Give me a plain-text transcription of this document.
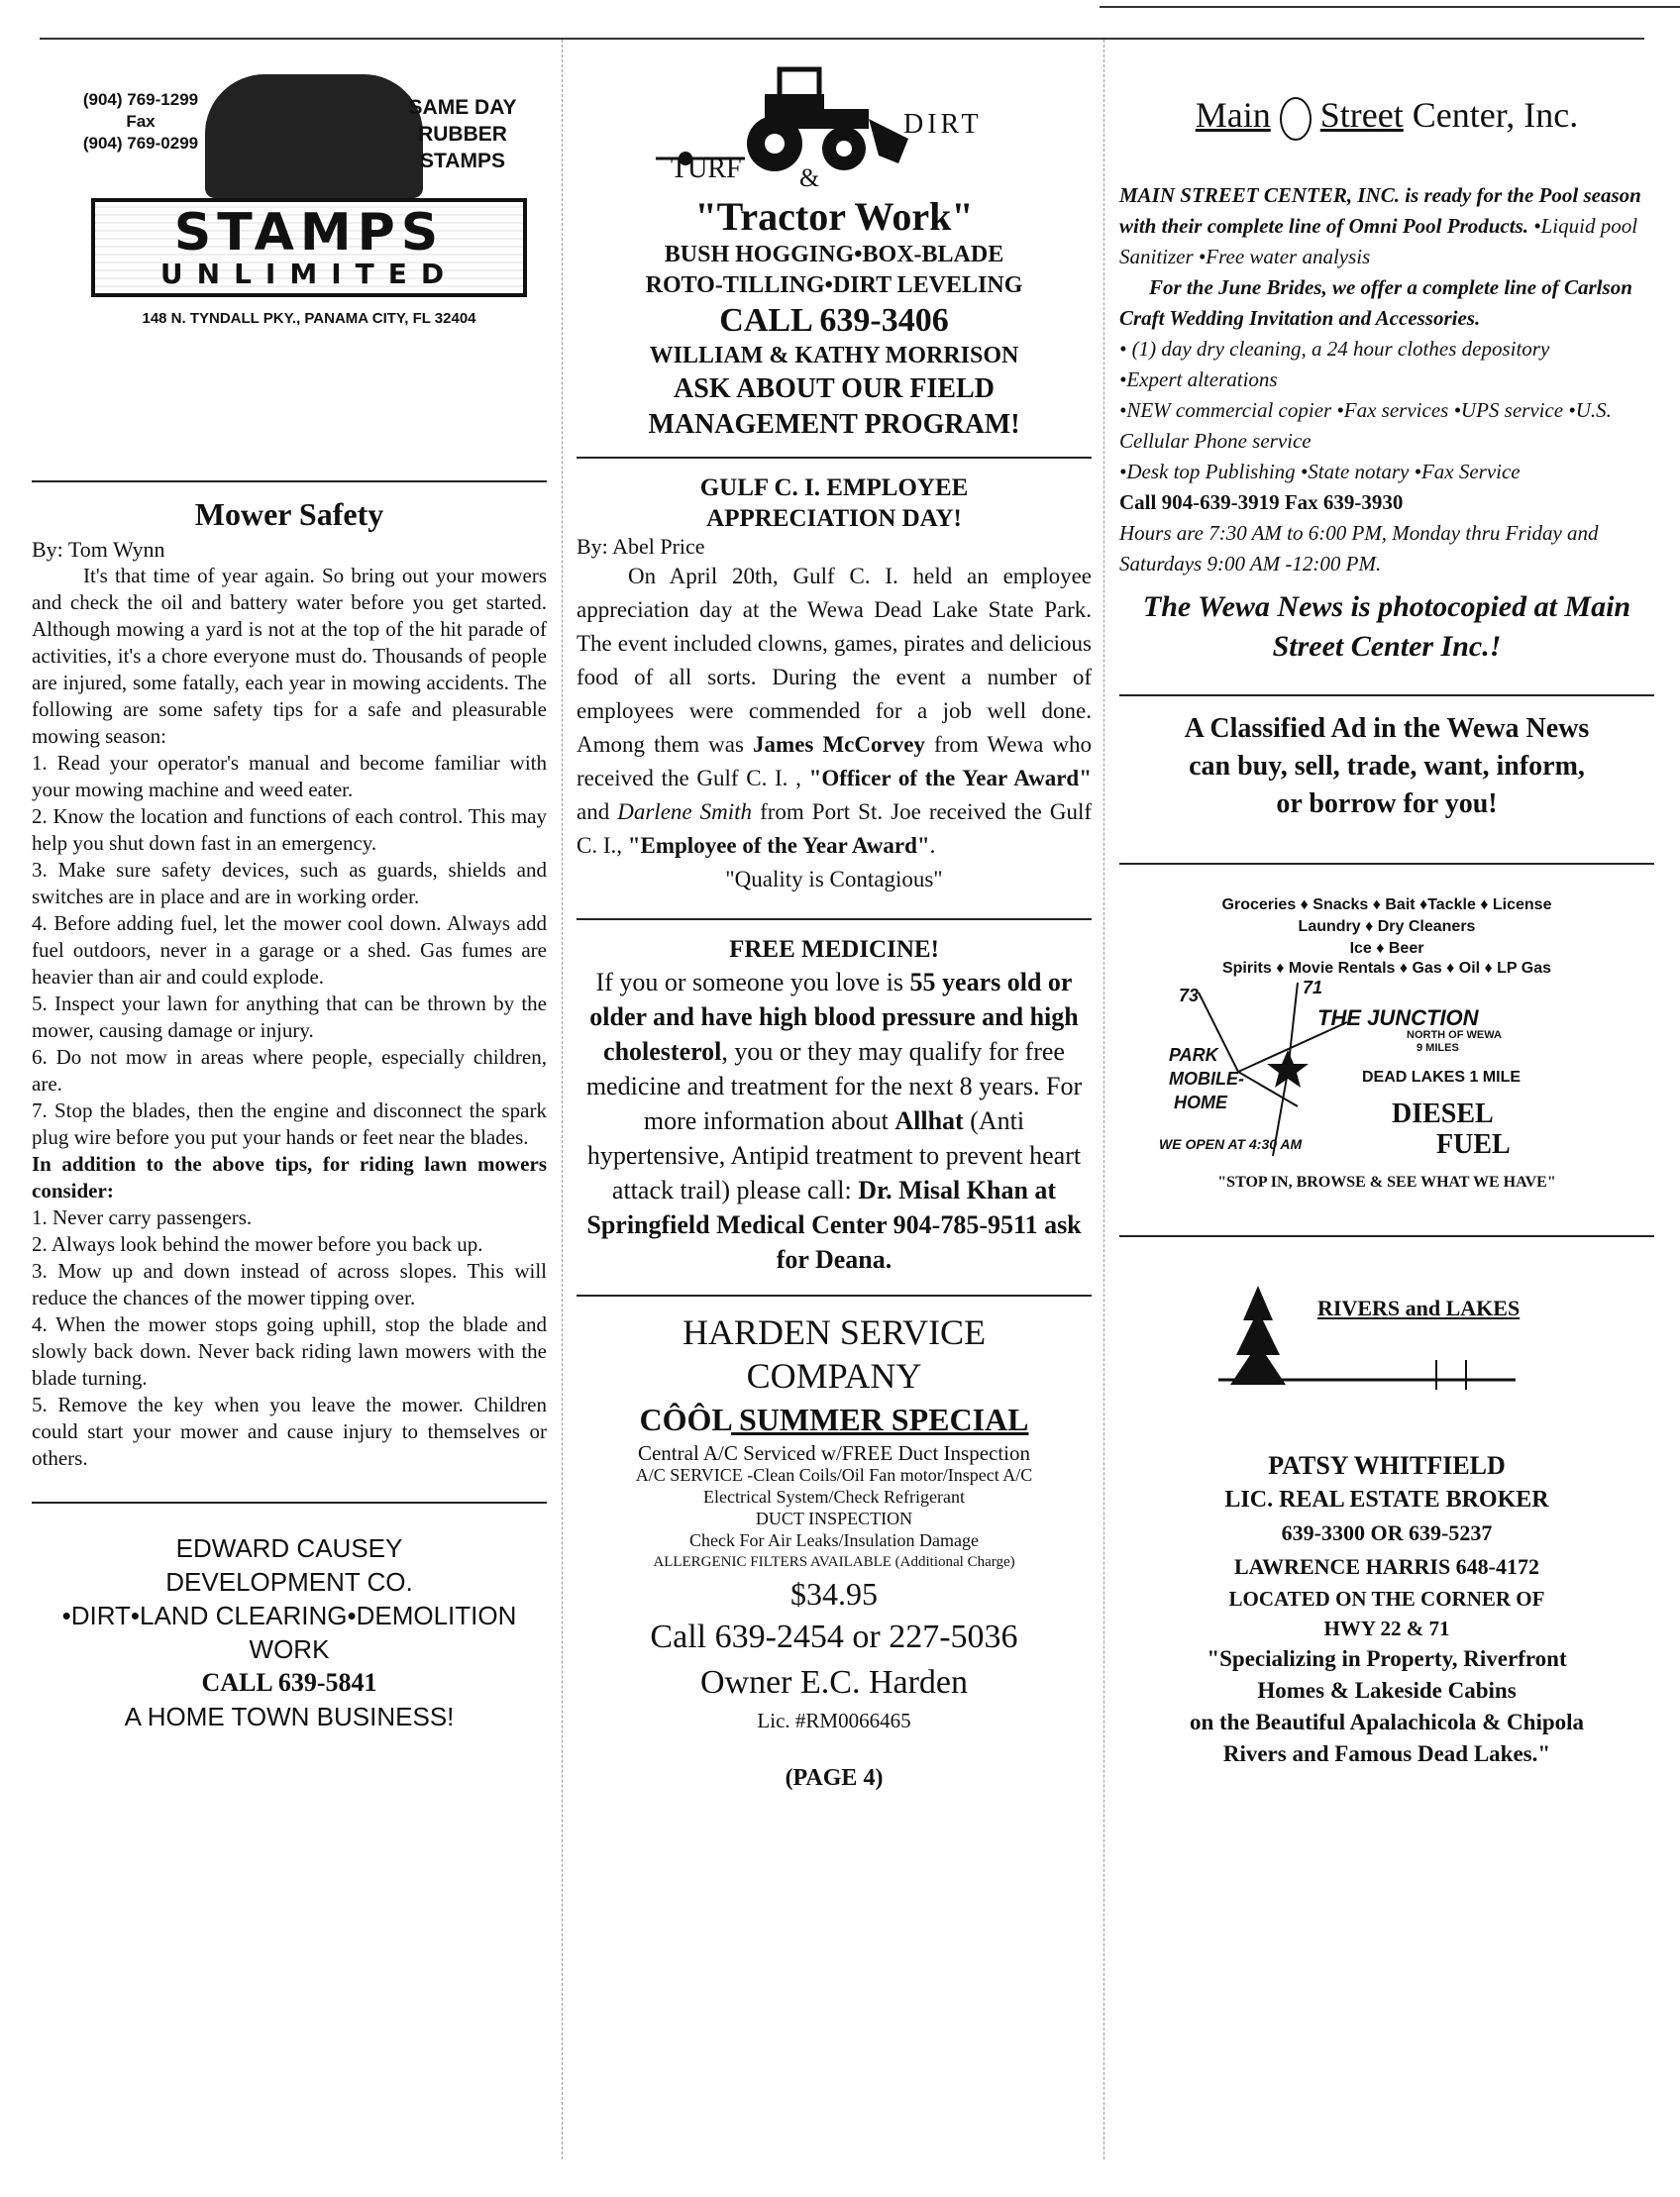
(904) 769-1299
Fax
(904) 769-0299
SAME DAY
RUBBER
STAMPS
STAMPS
UNLIMITED
148 N. TYNDALL PKY., PANAMA CITY, FL 32404
Mower Safety
By: Tom Wynn

It's that time of year again. So bring out your mowers and check the oil and battery water before you get started. Although mowing a yard is not at the top of the hit parade of activities, it's a chore everyone must do. Thousands of people are injured, some fatally, each year in mowing accidents. The following are some safety tips for a safe and pleasurable mowing season:

1. Read your operator's manual and become familiar with your mowing machine and weed eater.

2. Know the location and functions of each control. This may help you shut down fast in an emergency.

3. Make sure safety devices, such as guards, shields and switches are in place and are in working order.

4. Before adding fuel, let the mower cool down. Always add fuel outdoors, never in a garage or a shed. Gas fumes are heavier than air and could explode.

5. Inspect your lawn for anything that can be thrown by the mower, causing damage or injury.

6. Do not mow in areas where people, especially children, are.

7. Stop the blades, then the engine and disconnect the spark plug wire before you put your hands or feet near the blades.

In addition to the above tips, for riding lawn mowers consider:

1. Never carry passengers.

2. Always look behind the mower before you back up.

3. Mow up and down instead of across slopes. This will reduce the chances of the mower tipping over.

4. When the mower stops going uphill, stop the blade and slowly back down. Never back riding lawn mowers with the blade turning.

5. Remove the key when you leave the mower. Children could start your mower and cause injury to themselves or others.

EDWARD CAUSEY
DEVELOPMENT CO.
•DIRT•LAND CLEARING•DEMOLITION
WORK
CALL 639-5841
A HOME TOWN BUSINESS!
TURF &
DIRT
"Tractor Work"
BUSH HOGGING•BOX-BLADE
ROTO-TILLING•DIRT LEVELING
CALL 639-3406
WILLIAM & KATHY MORRISON
ASK ABOUT OUR FIELD
MANAGEMENT PROGRAM!
GULF C. I. EMPLOYEE
APPRECIATION DAY!
By: Abel Price

On April 20th, Gulf C. I. held an employee appreciation day at the Wewa Dead Lake State Park. The event included clowns, games, pirates and delicious food of all sorts. During the event a number of employees were commended for a job well done. Among them was James McCorvey from Wewa who received the Gulf C. I. , "Officer of the Year Award" and Darlene Smith from Port St. Joe received the Gulf C. I., "Employee of the Year Award".

"Quality is Contagious"

FREE MEDICINE!
If you or someone you love is 55 years old or older and have high blood pressure and high cholesterol, you or they may qualify for free medicine and treatment for the next 8 years. For more information about Allhat (Anti hypertensive, Antipid treatment to prevent heart attack trail) please call: Dr. Misal Khan at Springfield Medical Center 904-785-9511 ask for Deana.
HARDEN SERVICE
COMPANY
CÔÔL SUMMER SPECIAL
Central A/C Serviced w/FREE Duct Inspection
A/C SERVICE -Clean Coils/Oil Fan motor/Inspect A/C
Electrical System/Check Refrigerant
DUCT INSPECTION
Check For Air Leaks/Insulation Damage
ALLERGENIC FILTERS AVAILABLE (Additional Charge)
$34.95
Call 639-2454 or 227-5036
Owner E.C. Harden
Lic. #RM0066465
(PAGE 4)
Main Street Center, Inc.

MAIN STREET CENTER, INC. is ready for the Pool season with their complete line of Omni Pool Products. •Liquid pool Sanitizer •Free water analysis

For the June Brides, we offer a complete line of Carlson Craft Wedding Invitation and Accessories.

• (1) day dry cleaning, a 24 hour clothes depository

•Expert alterations

•NEW commercial copier •Fax services •UPS service •U.S. Cellular Phone service

•Desk top Publishing •State notary •Fax Service

Call 904-639-3919 Fax 639-3930

Hours are 7:30 AM to 6:00 PM, Monday thru Friday and Saturdays 9:00 AM -12:00 PM.

The Wewa News is photocopied at Main Street Center Inc.!
A Classified Ad in the Wewa News
can buy, sell, trade, want, inform,
or borrow for you!
Groceries ♦ Snacks ♦ Bait ♦Tackle ♦ License
Laundry ♦ Dry Cleaners
Ice ♦ Beer
Spirits ♦ Movie Rentals ♦ Gas ♦ Oil ♦ LP Gas
73	71
THE JUNCTION
NORTH OF WEWA
9 MILES
PARK
MOBILE-
HOME
DEAD LAKES 1 MILE
DIESEL
FUEL
WE OPEN AT 4:30 AM
"STOP IN, BROWSE & SEE WHAT WE HAVE"
RIVERS and LAKES
PATSY WHITFIELD
LIC. REAL ESTATE BROKER
639-3300 OR 639-5237
LAWRENCE HARRIS 648-4172
LOCATED ON THE CORNER OF
HWY 22 & 71
"Specializing in Property, Riverfront
Homes & Lakeside Cabins
on the Beautiful Apalachicola & Chipola
Rivers and Famous Dead Lakes."
